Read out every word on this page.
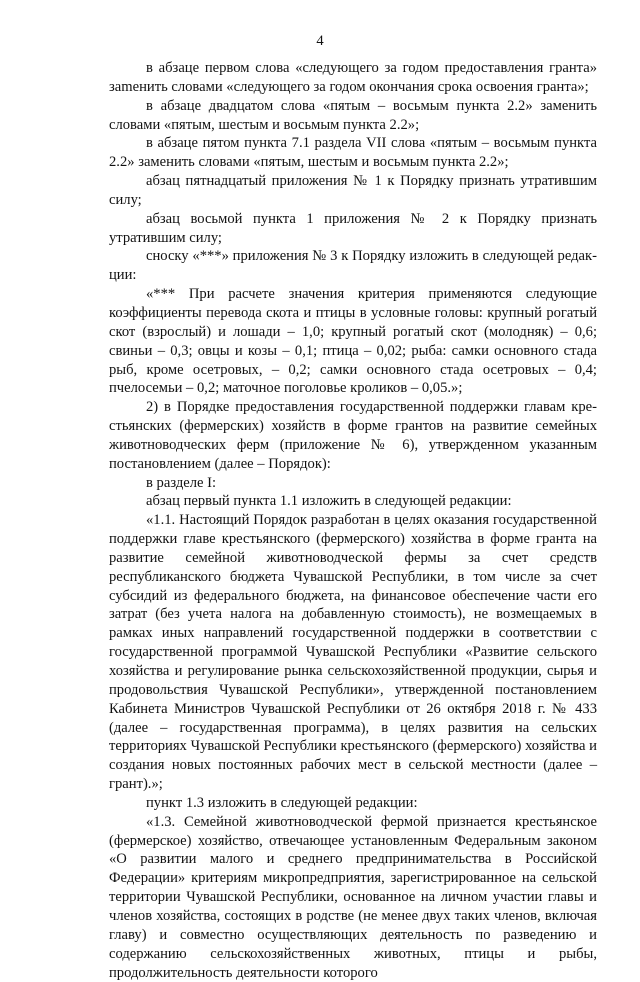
4

в абзаце первом слова «следующего за годом предоставления гранта» заmенить словами «следующего за годом окончания срока освоения гранта»;

в абзаце двадцатом слова «пятым – восьмым пункта 2.2» заменить словами «пятым, шестым и восьмым пункта 2.2»;

в абзаце пятом пункта 7.1 раздела VII слова «пятым – восьмым пункта 2.2» заменить словами «пятым, шестым и восьмым пункта 2.2»;

абзац пятнадцатый приложения № 1 к Порядку признать утратившим силу;

абзац восьмой пункта 1 приложения № 2 к Порядку признать утратившим силу;

сноску «***» приложения № 3 к Порядку изложить в следующей редакции:

«*** При расчете значения критерия применяются следующие коэффициенты перевода скота и птицы в условные головы: крупный рогатый скот (взрослый) и лошади – 1,0; крупный рогатый скот (молодняк) – 0,6; свиньи – 0,3; овцы и козы – 0,1; птица – 0,02; рыба: самки основного стада рыб, кроме осетровых, – 0,2; самки основного стада осетровых – 0,4; пчелосемьи – 0,2; маточное поголовье кроликов – 0,05.»;

2) в Порядке предоставления государственной поддержки главам крестьянских (фермерских) хозяйств в форме грантов на развитие семейных животноводческих ферм (приложение № 6), утвержденном указанным постановлением (далее – Порядок):

в разделе I:

абзац первый пункта 1.1 изложить в следующей редакции:

«1.1. Настоящий Порядок разработан в целях оказания государственной поддержки главе крестьянского (фермерского) хозяйства в форме гранта на развитие семейной животноводческой фермы за счет средств республиканского бюджета Чувашской Республики, в том числе за счет субсидий из федерального бюджета, на финансовое обеспечение части его затрат (без учета налога на добавленную стоимость), не возмещаемых в рамках иных направлений государственной поддержки в соответствии с государственной программой Чувашской Республики «Развитие сельского хозяйства и регулирование рынка сельскохозяйственной продукции, сырья и продовольствия Чувашской Республики», утвержденной постановлением Кабинета Министров Чувашской Республики от 26 октября 2018 г. № 433 (далее – государственная программа), в целях развития на сельских территориях Чувашской Республики крестьянского (фермерского) хозяйства и создания новых постоянных рабочих мест в сельской местности (далее – грант).»;

пункт 1.3 изложить в следующей редакции:

«1.3. Семейной животноводческой фермой признается крестьянское (фермерское) хозяйство, отвечающее установленным Федеральным законом «О развитии малого и среднего предпринимательства в Российской Федерации» критериям микропредприятия, зарегистрированное на сельской территории Чувашской Республики, основанное на личном участии главы и членов хозяйства, состоящих в родстве (не менее двух таких членов, включая главу) и совместно осуществляющих деятельность по разведению и содержанию сельскохозяйственных животных, птицы и рыбы, продолжительность деятельности которого
